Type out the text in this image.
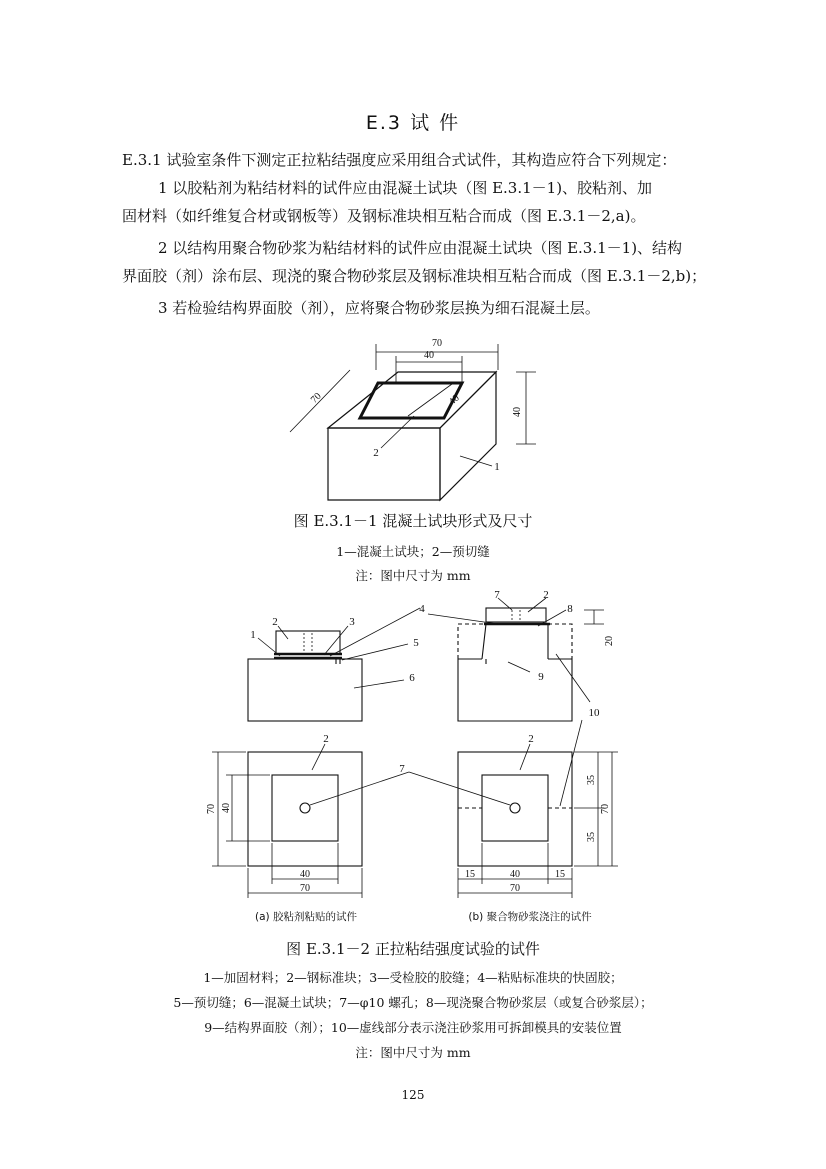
E.3 试 件
E.3.1 试验室条件下测定正拉粘结强度应采用组合式试件，其构造应符合下列规定：
1 以胶粘剂为粘结材料的试件应由混凝土试块（图 E.3.1－1)、胶粘剂、加
固材料（如纤维复合材或钢板等）及钢标准块相互粘合而成（图 E.3.1－2,a)。
2 以结构用聚合物砂浆为粘结材料的试件应由混凝土试块（图 E.3.1－1)、结构
界面胶（剂）涂布层、现浇的聚合物砂浆层及钢标准块相互粘合而成（图 E.3.1－2,b)；
3 若检验结构界面胶（剂），应将聚合物砂浆层换为细石混凝土层。
70
40
70	40
40
2
1
1
2	3
4
5
6
7	2
8
9
10
20
2	2
7
70 40
40
70
35
35
70
15	40	15
70
(a) 胶粘剂粘贴的试件	(b) 聚合物砂浆浇注的试件
图 E.3.1－1 混凝土试块形式及尺寸
1—混凝土试块；2—预切缝
注：图中尺寸为 mm
图 E.3.1－2 正拉粘结强度试验的试件
1—加固材料；2—钢标准块；3—受检胶的胶缝；4—粘贴标准块的快固胶；
5—预切缝；6—混凝土试块；7—φ10 螺孔；8—现浇聚合物砂浆层（或复合砂浆层）；
9—结构界面胶（剂）；10—虚线部分表示浇注砂浆用可拆卸模具的安装位置
注：图中尺寸为 mm
125
